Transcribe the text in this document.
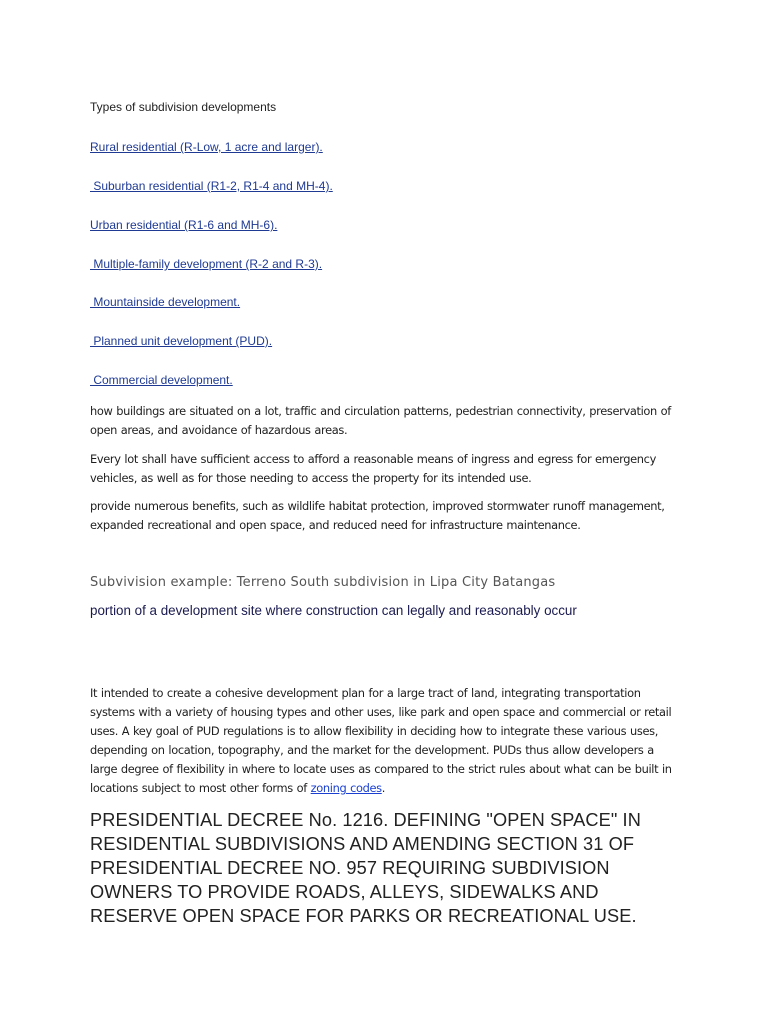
Types of subdivision developments
Rural residential (R-Low, 1 acre and larger).
Suburban residential (R1-2, R1-4 and MH-4).
Urban residential (R1-6 and MH-6).
Multiple-family development (R-2 and R-3).
Mountainside development.
Planned unit development (PUD).
Commercial development.

how buildings are situated on a lot, traffic and circulation patterns, pedestrian connectivity, preservation of open areas, and avoidance of hazardous areas.

Every lot shall have sufficient access to afford a reasonable means of ingress and egress for emergency vehicles, as well as for those needing to access the property for its intended use.

provide numerous benefits, such as wildlife habitat protection, improved stormwater runoff management, expanded recreational and open space, and reduced need for infrastructure maintenance.

Subvivision example: Terreno South subdivision in Lipa City Batangas
portion of a development site where construction can legally and reasonably occur

It intended to create a cohesive development plan for a large tract of land, integrating transportation systems with a variety of housing types and other uses, like park and open space and commercial or retail uses. A key goal of PUD regulations is to allow flexibility in deciding how to integrate these various uses, depending on location, topography, and the market for the development. PUDs thus allow developers a large degree of flexibility in where to locate uses as compared to the strict rules about what can be built in locations subject to most other forms of zoning codes.

PRESIDENTIAL DECREE No. 1216. DEFINING "OPEN SPACE" IN RESIDENTIAL SUBDIVISIONS AND AMENDING SECTION 31 OF PRESIDENTIAL DECREE NO. 957 REQUIRING SUBDIVISION OWNERS TO PROVIDE ROADS, ALLEYS, SIDEWALKS AND RESERVE OPEN SPACE FOR PARKS OR RECREATIONAL USE.
